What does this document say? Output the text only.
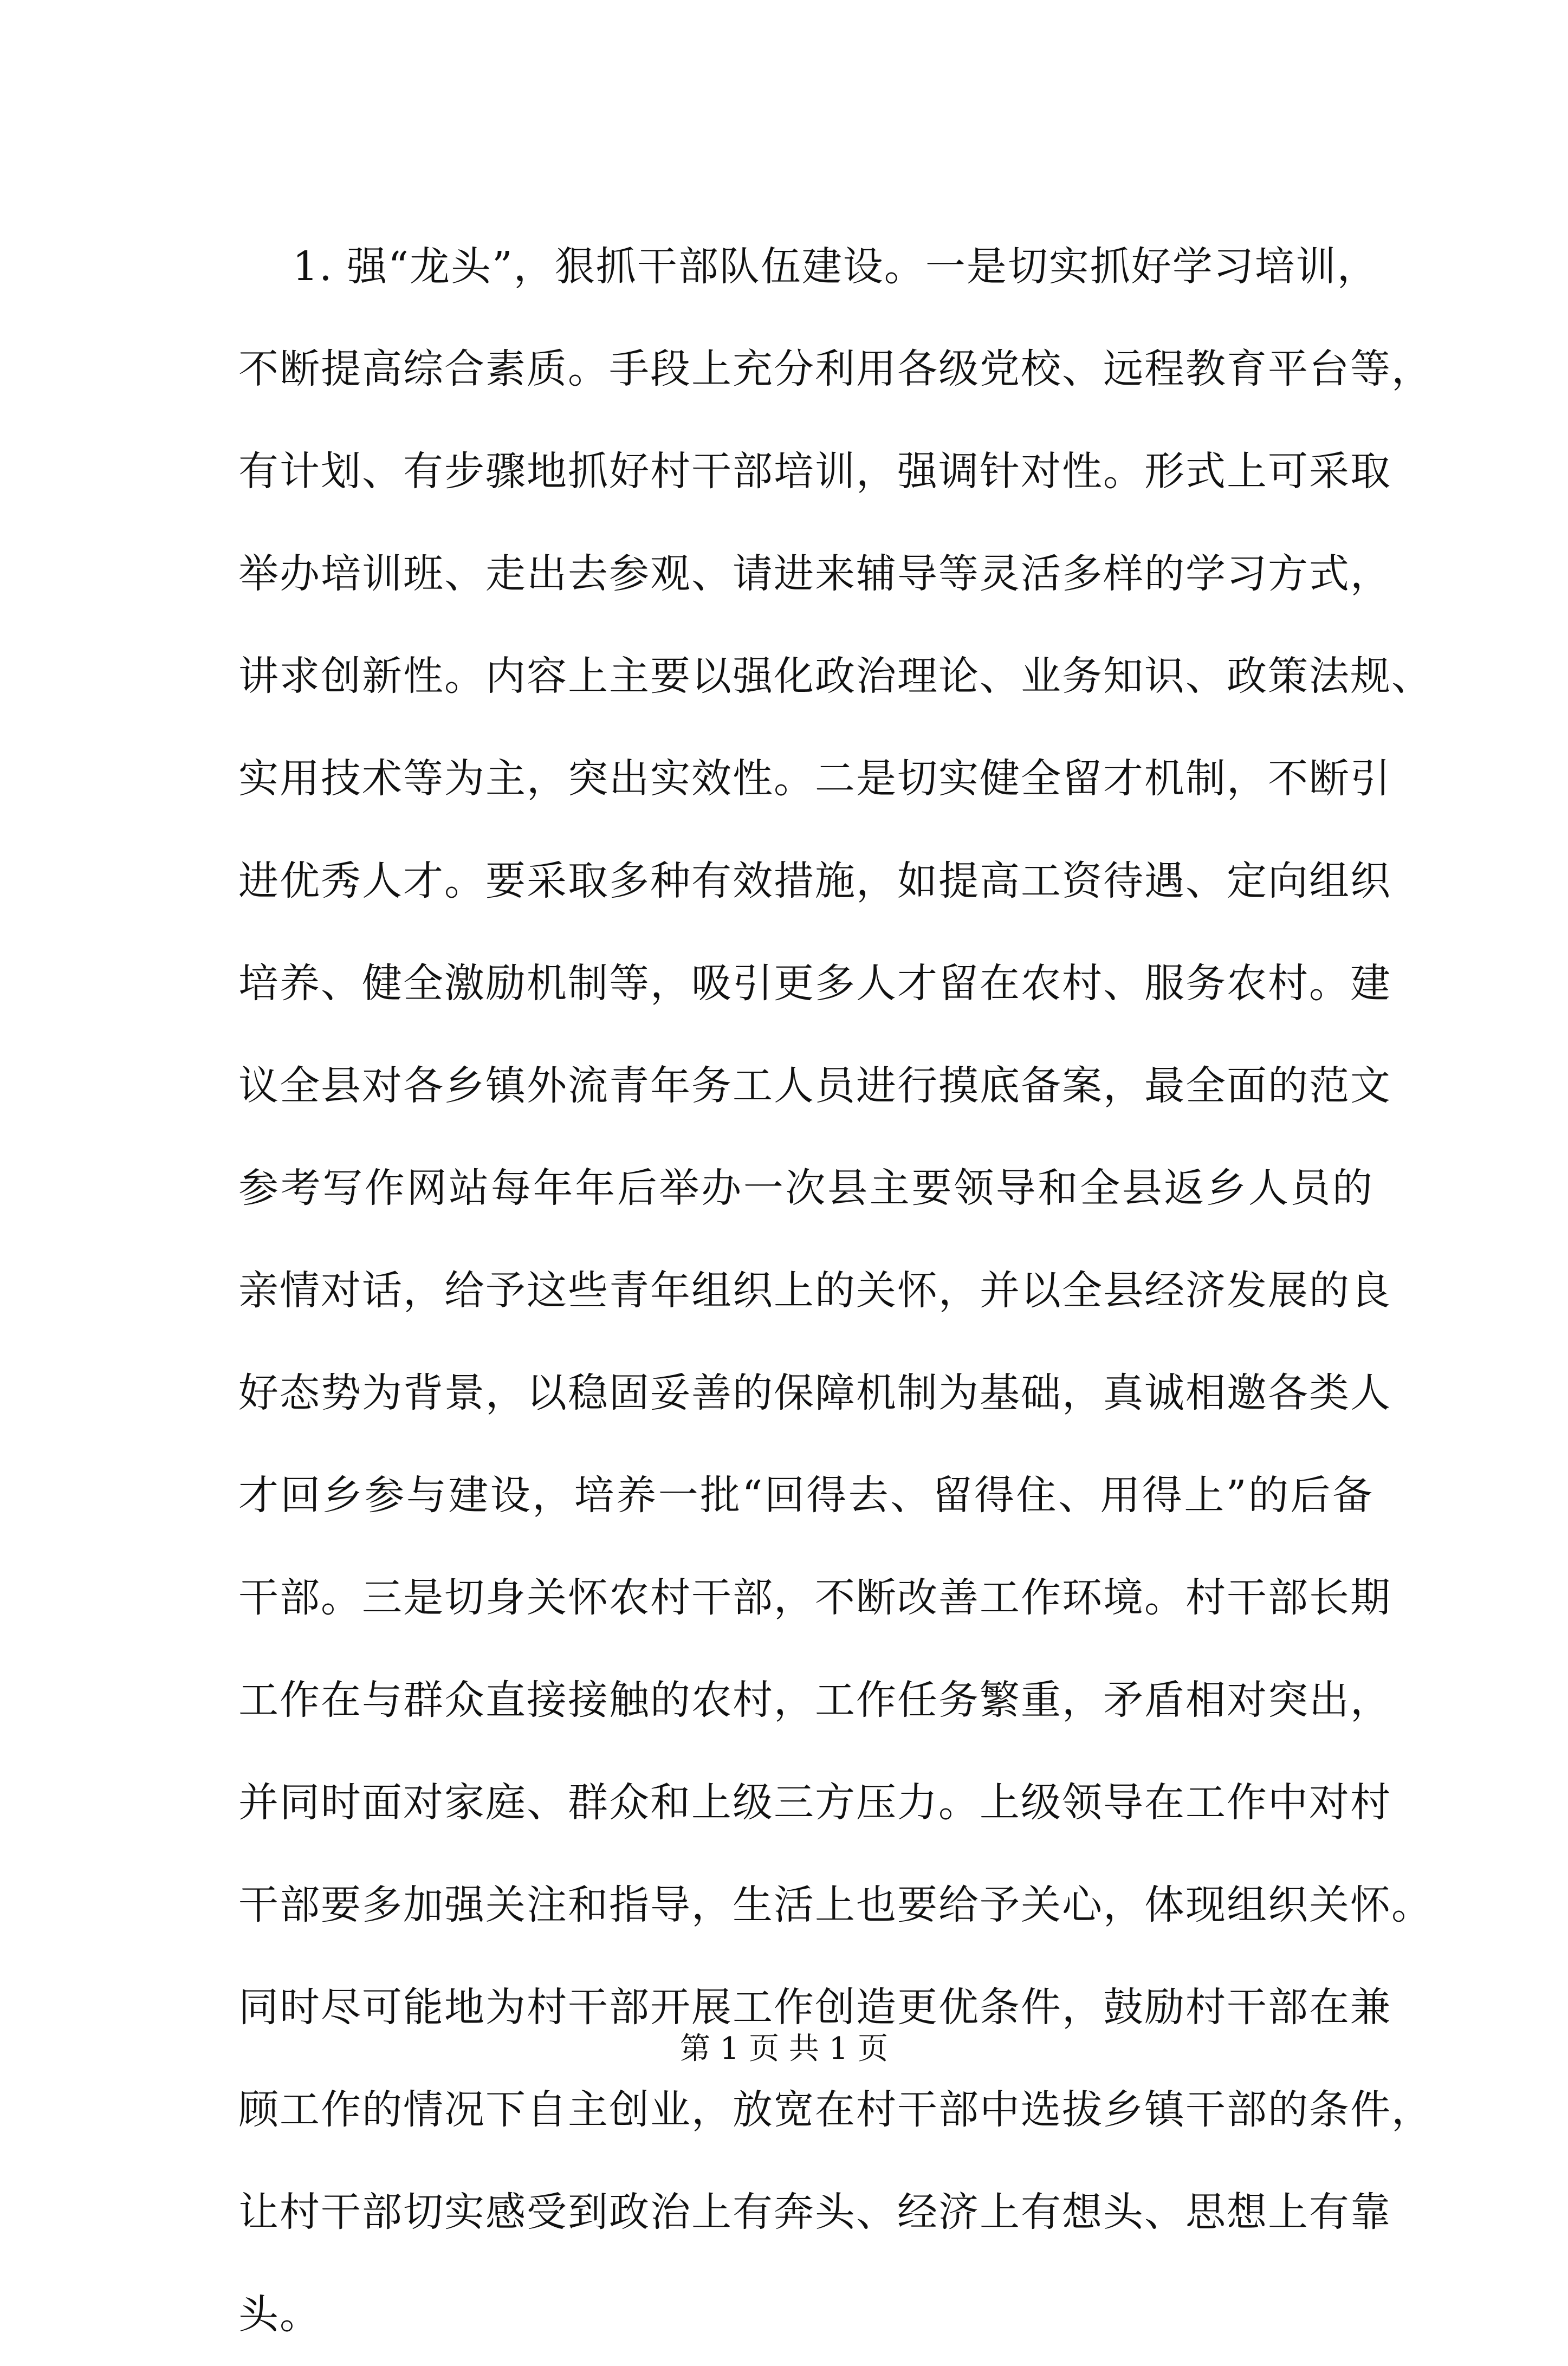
1. 强“龙头”，狠抓干部队伍建设。一是切实抓好学习培训，
不断提高综合素质。手段上充分利用各级党校、远程教育平台等，
有计划、有步骤地抓好村干部培训，强调针对性。形式上可采取
举办培训班、走出去参观、请进来辅导等灵活多样的学习方式，
讲求创新性。内容上主要以强化政治理论、业务知识、政策法规、
实用技术等为主，突出实效性。二是切实健全留才机制，不断引
进优秀人才。要采取多种有效措施，如提高工资待遇、定向组织
培养、健全激励机制等，吸引更多人才留在农村、服务农村。建
议全县对各乡镇外流青年务工人员进行摸底备案，最全面的范文
参考写作网站每年年后举办一次县主要领导和全县返乡人员的
亲情对话，给予这些青年组织上的关怀，并以全县经济发展的良
好态势为背景，以稳固妥善的保障机制为基础，真诚相邀各类人
才回乡参与建设，培养一批“回得去、留得住、用得上”的后备
干部。三是切身关怀农村干部，不断改善工作环境。村干部长期
工作在与群众直接接触的农村，工作任务繁重，矛盾相对突出，
并同时面对家庭、群众和上级三方压力。上级领导在工作中对村
干部要多加强关注和指导，生活上也要给予关心，体现组织关怀。
同时尽可能地为村干部开展工作创造更优条件，鼓励村干部在兼
顾工作的情况下自主创业，放宽在村干部中选拔乡镇干部的条件，
让村干部切实感受到政治上有奔头、经济上有想头、思想上有靠
头。
第 1 页 共 1 页
